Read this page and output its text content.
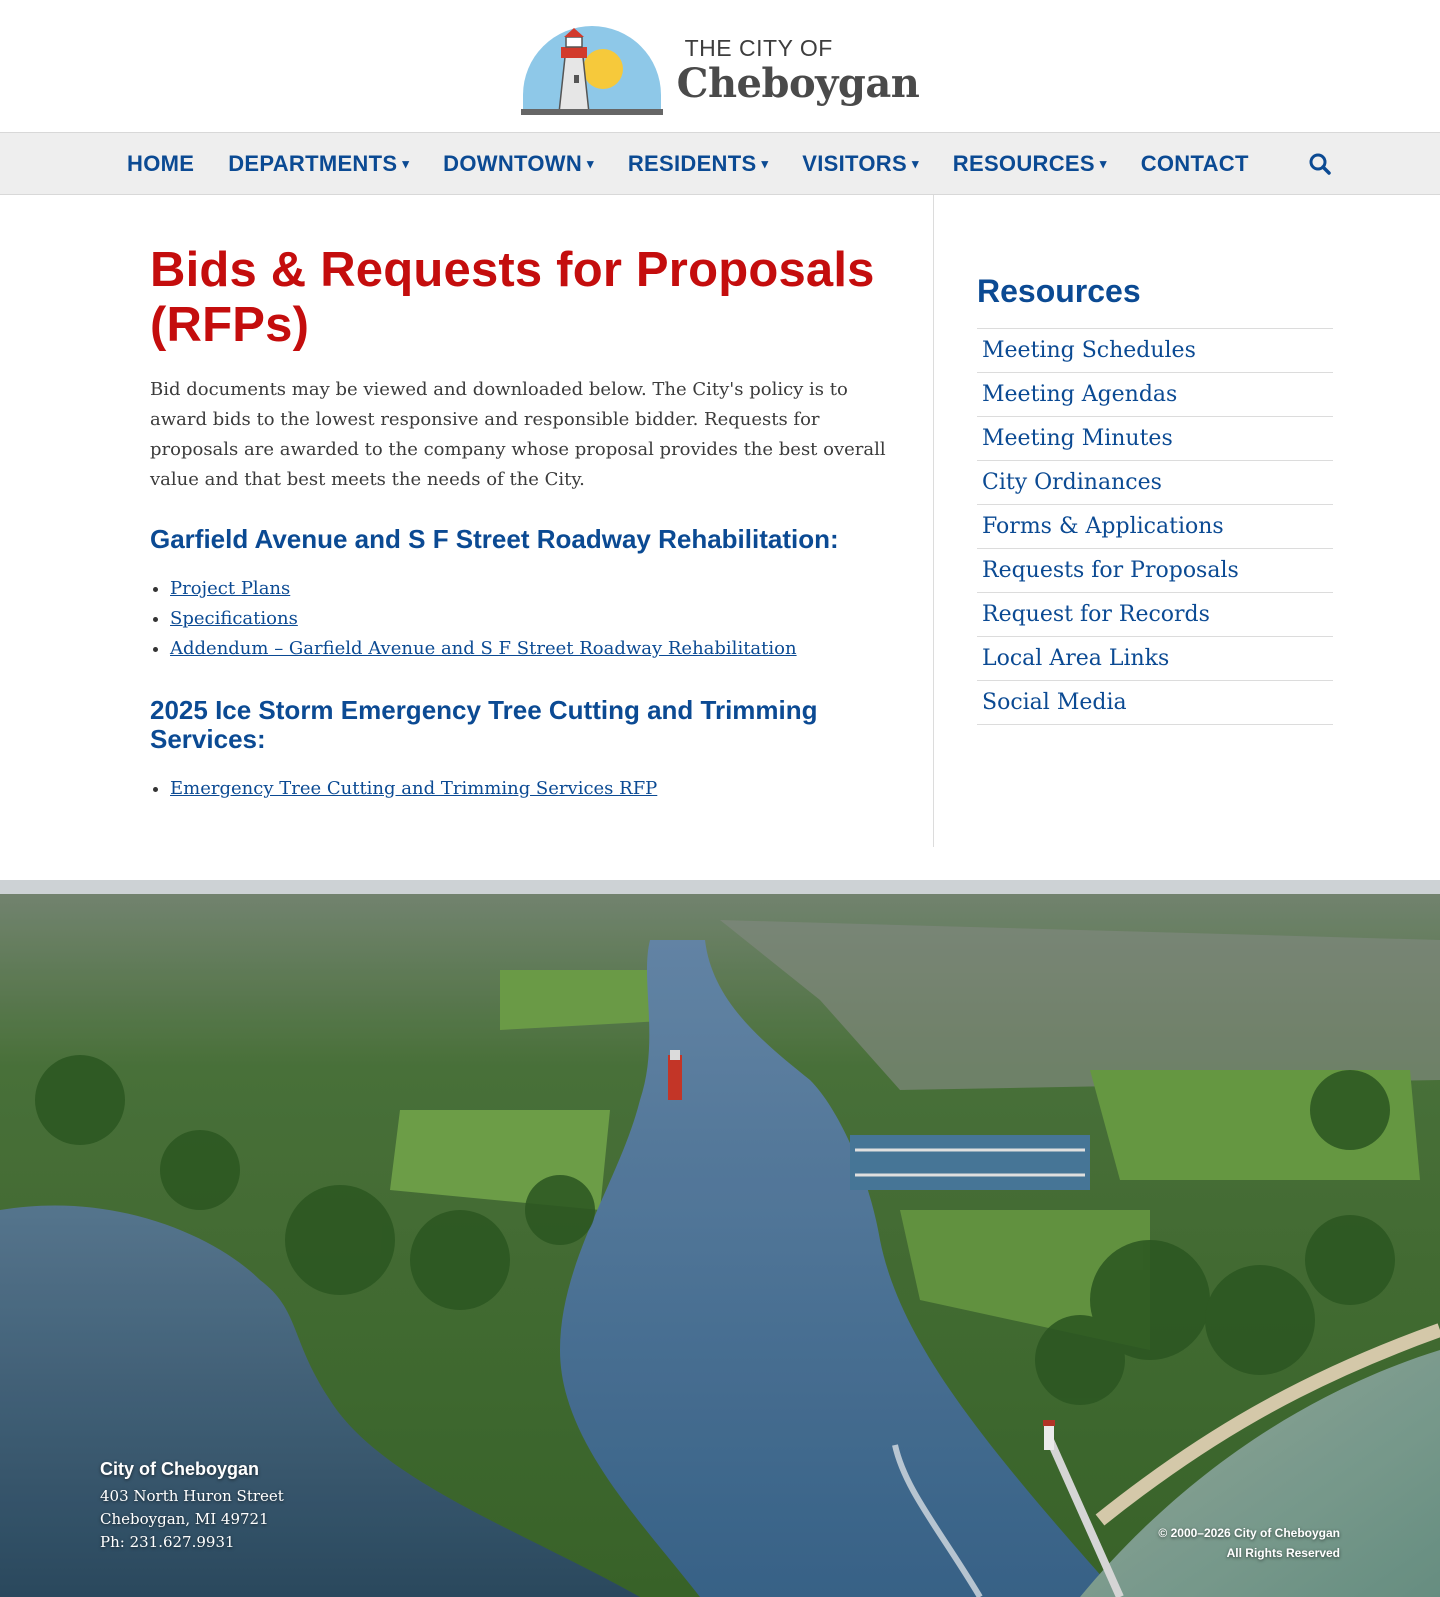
THE CITY OF
Cheboygan
HOME DEPARTMENTS ▾ DOWNTOWN ▾ RESIDENTS ▾ VISITORS ▾ RESOURCES ▾ CONTACT
Bids & Requests for Proposals (RFPs)

Bid documents may be viewed and downloaded below. The City's policy is to award bids to the lowest responsive and responsible bidder. Requests for proposals are awarded to the company whose proposal provides the best overall value and that best meets the needs of the City.

Garfield Avenue and S F Street Roadway Rehabilitation:
• Project Plans
• Specifications
• Addendum – Garfield Avenue and S F Street Roadway Rehabilitation
2025 Ice Storm Emergency Tree Cutting and Trimming Services:
• Emergency Tree Cutting and Trimming Services RFP
Resources
Meeting Schedules
Meeting Agendas
Meeting Minutes
City Ordinances
Forms & Applications
Requests for Proposals
Request for Records
Local Area Links
Social Media
City of Cheboygan
403 North Huron Street
Cheboygan, MI 49721
Ph: 231.627.9931	© 2000–2026 City of Cheboygan
All Rights Reserved
